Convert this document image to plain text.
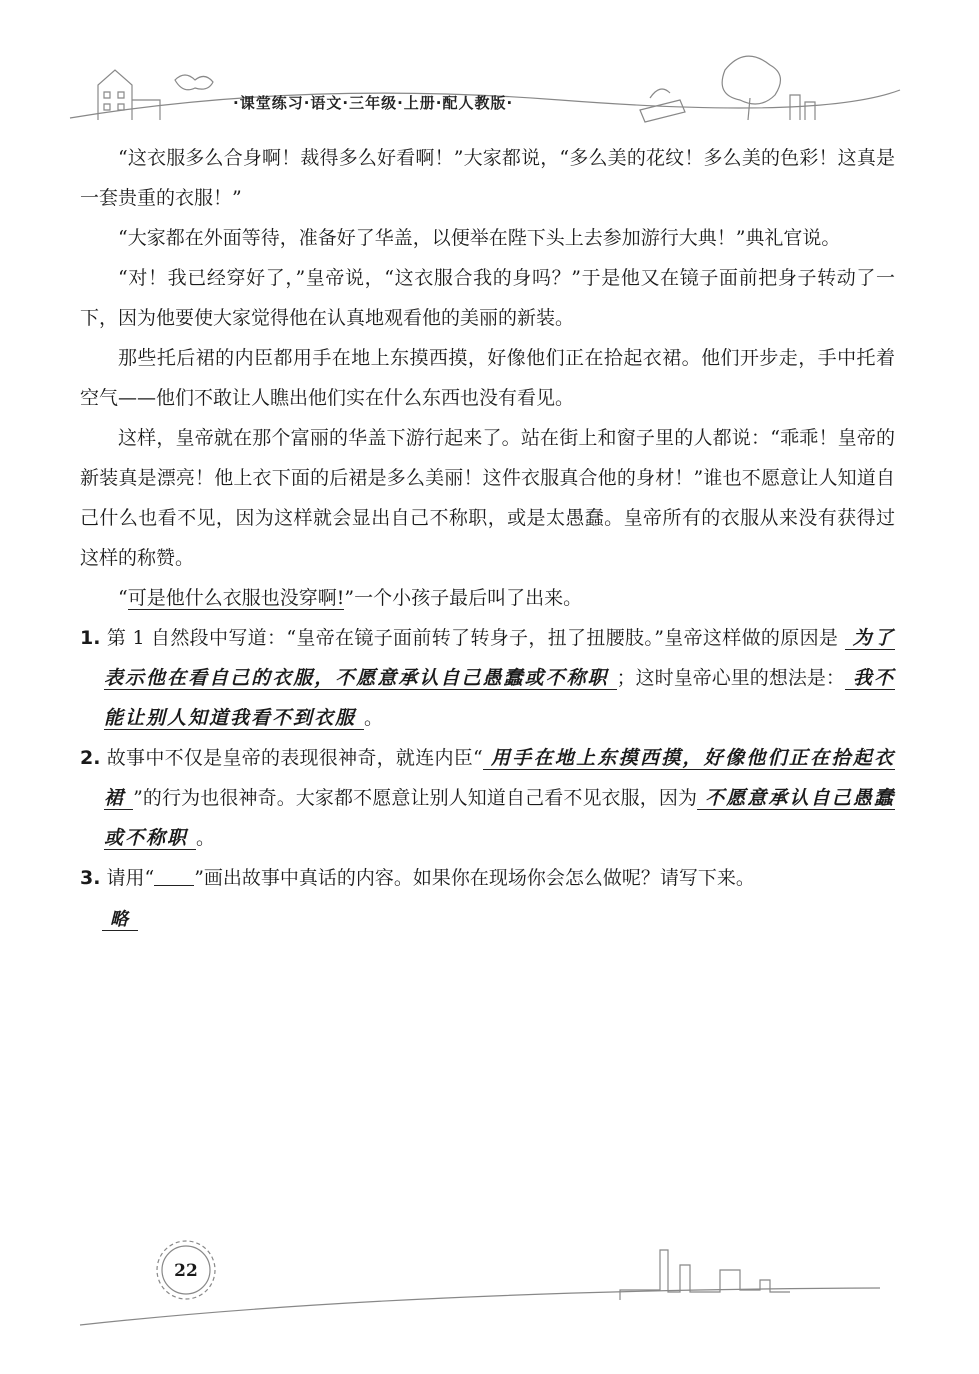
·课堂练习·语文·三年级·上册·配人教版·

“这衣服多么合身啊！裁得多么好看啊！”大家都说，“多么美的花纹！多么美的色彩！这真是一套贵重的衣服！”

“大家都在外面等待，准备好了华盖，以便举在陛下头上去参加游行大典！”典礼官说。

“对！我已经穿好了，”皇帝说，“这衣服合我的身吗？”于是他又在镜子面前把身子转动了一下，因为他要使大家觉得他在认真地观看他的美丽的新装。

那些托后裙的内臣都用手在地上东摸西摸，好像他们正在拾起衣裙。他们开步走，手中托着空气——他们不敢让人瞧出他们实在什么东西也没有看见。

这样，皇帝就在那个富丽的华盖下游行起来了。站在街上和窗子里的人都说：“乖乖！皇帝的新装真是漂亮！他上衣下面的后裙是多么美丽！这件衣服真合他的身材！”谁也不愿意让人知道自己什么也看不见，因为这样就会显出自己不称职，或是太愚蠢。皇帝所有的衣服从来没有获得过这样的称赞。

“可是他什么衣服也没穿啊!”一个小孩子最后叫了出来。

1. 第 1 自然段中写道：“皇帝在镜子面前转了转身子，扭了扭腰肢。”皇帝这样做的原因是 为了表示他在看自己的衣服，不愿意承认自己愚蠢或不称职 ；这时皇帝心里的想法是： 我不能让别人知道我看不到衣服 。

2. 故事中不仅是皇帝的表现很神奇，就连内臣“ 用手在地上东摸西摸，好像他们正在拾起衣裙 ”的行为也很神奇。大家都不愿意让别人知道自己看不见衣服，因为 不愿意承认自己愚蠢或不称职 。

3. 请用“ ”画出故事中真话的内容。如果你在现场你会怎么做呢？请写下来。

略
22
